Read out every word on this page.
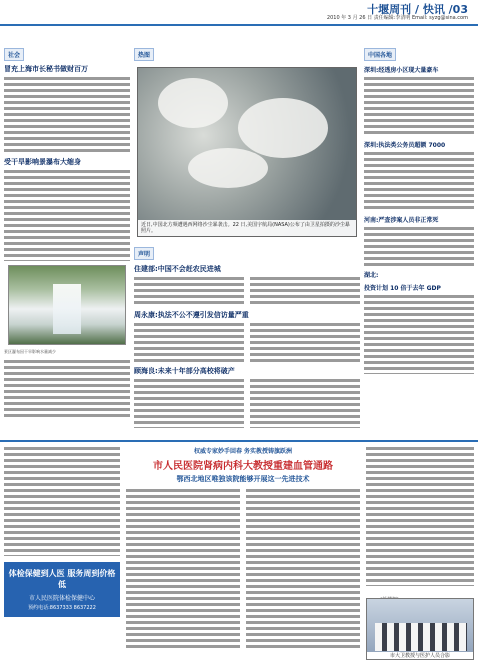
十堰周刊 / 快讯 /03
2010 年 3 月 26 日 责任编辑:李清明 Email: syzg@sina.com
社会
冒充上海市长秘书做财百万
受干旱影响景瀑布大缩身
景区瀑布因干旱影响水量减少
热图
近日,中国北方频遭遇西网络沙尘暴袭击。22 日,美国宇航局(NASA)公布了由卫星拍摄的沙尘暴照片。
声明
住建部:中国不会赶农民进城
周永康:执法不公不遵引发信访量严重
顾海良:未来十年部分高校将破产
中国各地
深圳:经透房小区现大量豪车
深圳:执法类公务员超额 7000
河南:严查涉案人员非正常死
湖北:
投资计划 10 倍于去年 GDP
体检保健到人医 服务周到价格低
市人民医院体检保健中心
预约电话:8637333 8637222
权威专家妙手回春 务实教授铸旗跃洲
市人民医院肾病内科大教授重建血管通路
鄂西北地区唯独该院能够开展这一先进技术
市大卫教授与医护人员合影
